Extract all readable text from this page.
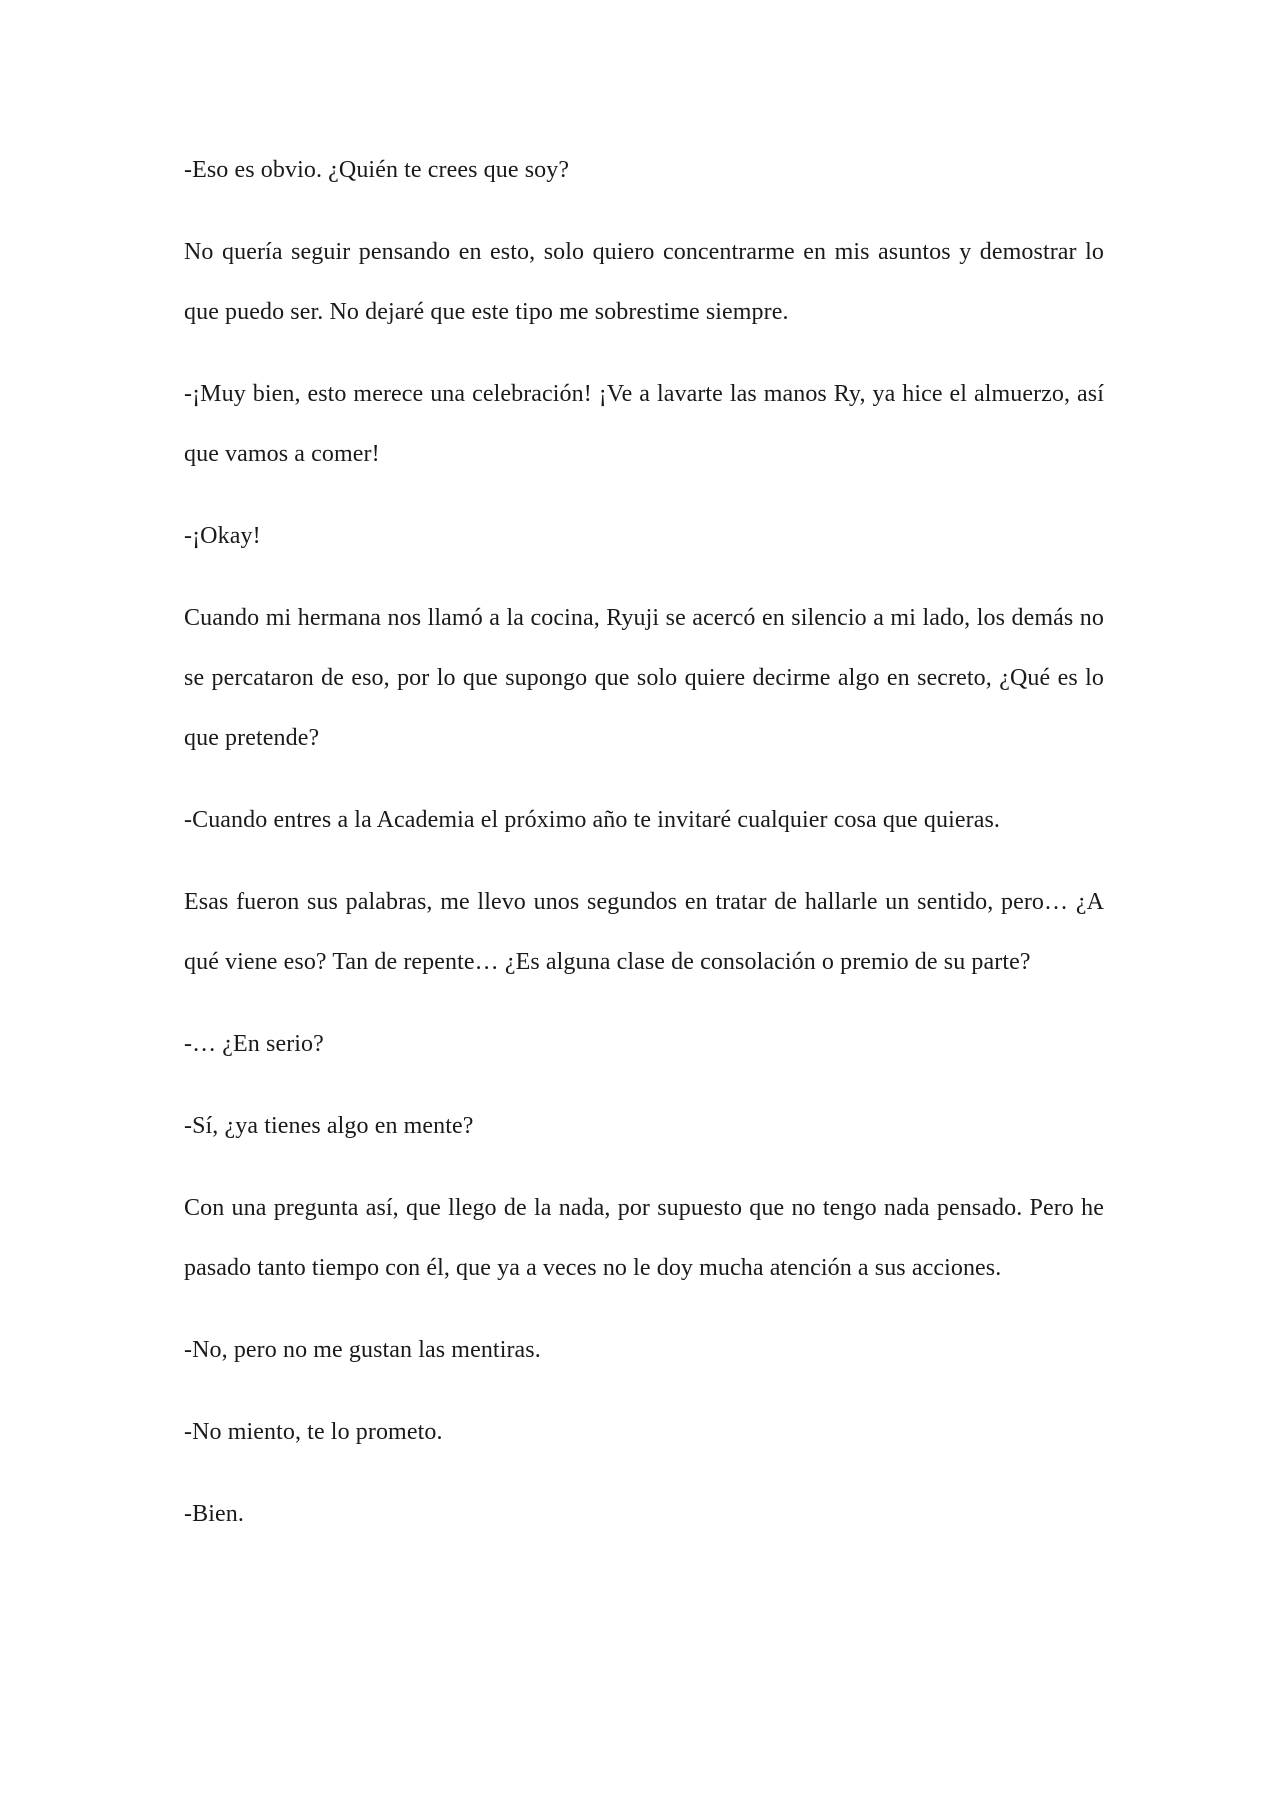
-Eso es obvio. ¿Quién te crees que soy?

No quería seguir pensando en esto, solo quiero concentrarme en mis asuntos y demostrar lo que puedo ser. No dejaré que este tipo me sobrestime siempre.

-¡Muy bien, esto merece una celebración! ¡Ve a lavarte las manos Ry, ya hice el almuerzo, así que vamos a comer!

-¡Okay!

Cuando mi hermana nos llamó a la cocina, Ryuji se acercó en silencio a mi lado, los demás no se percataron de eso, por lo que supongo que solo quiere decirme algo en secreto, ¿Qué es lo que pretende?

-Cuando entres a la Academia el próximo año te invitaré cualquier cosa que quieras.

Esas fueron sus palabras, me llevo unos segundos en tratar de hallarle un sentido, pero… ¿A qué viene eso? Tan de repente… ¿Es alguna clase de consolación o premio de su parte?

-… ¿En serio?

-Sí, ¿ya tienes algo en mente?

Con una pregunta así, que llego de la nada, por supuesto que no tengo nada pensado. Pero he pasado tanto tiempo con él, que ya a veces no le doy mucha atención a sus acciones.

-No, pero no me gustan las mentiras.

-No miento, te lo prometo.

-Bien.
